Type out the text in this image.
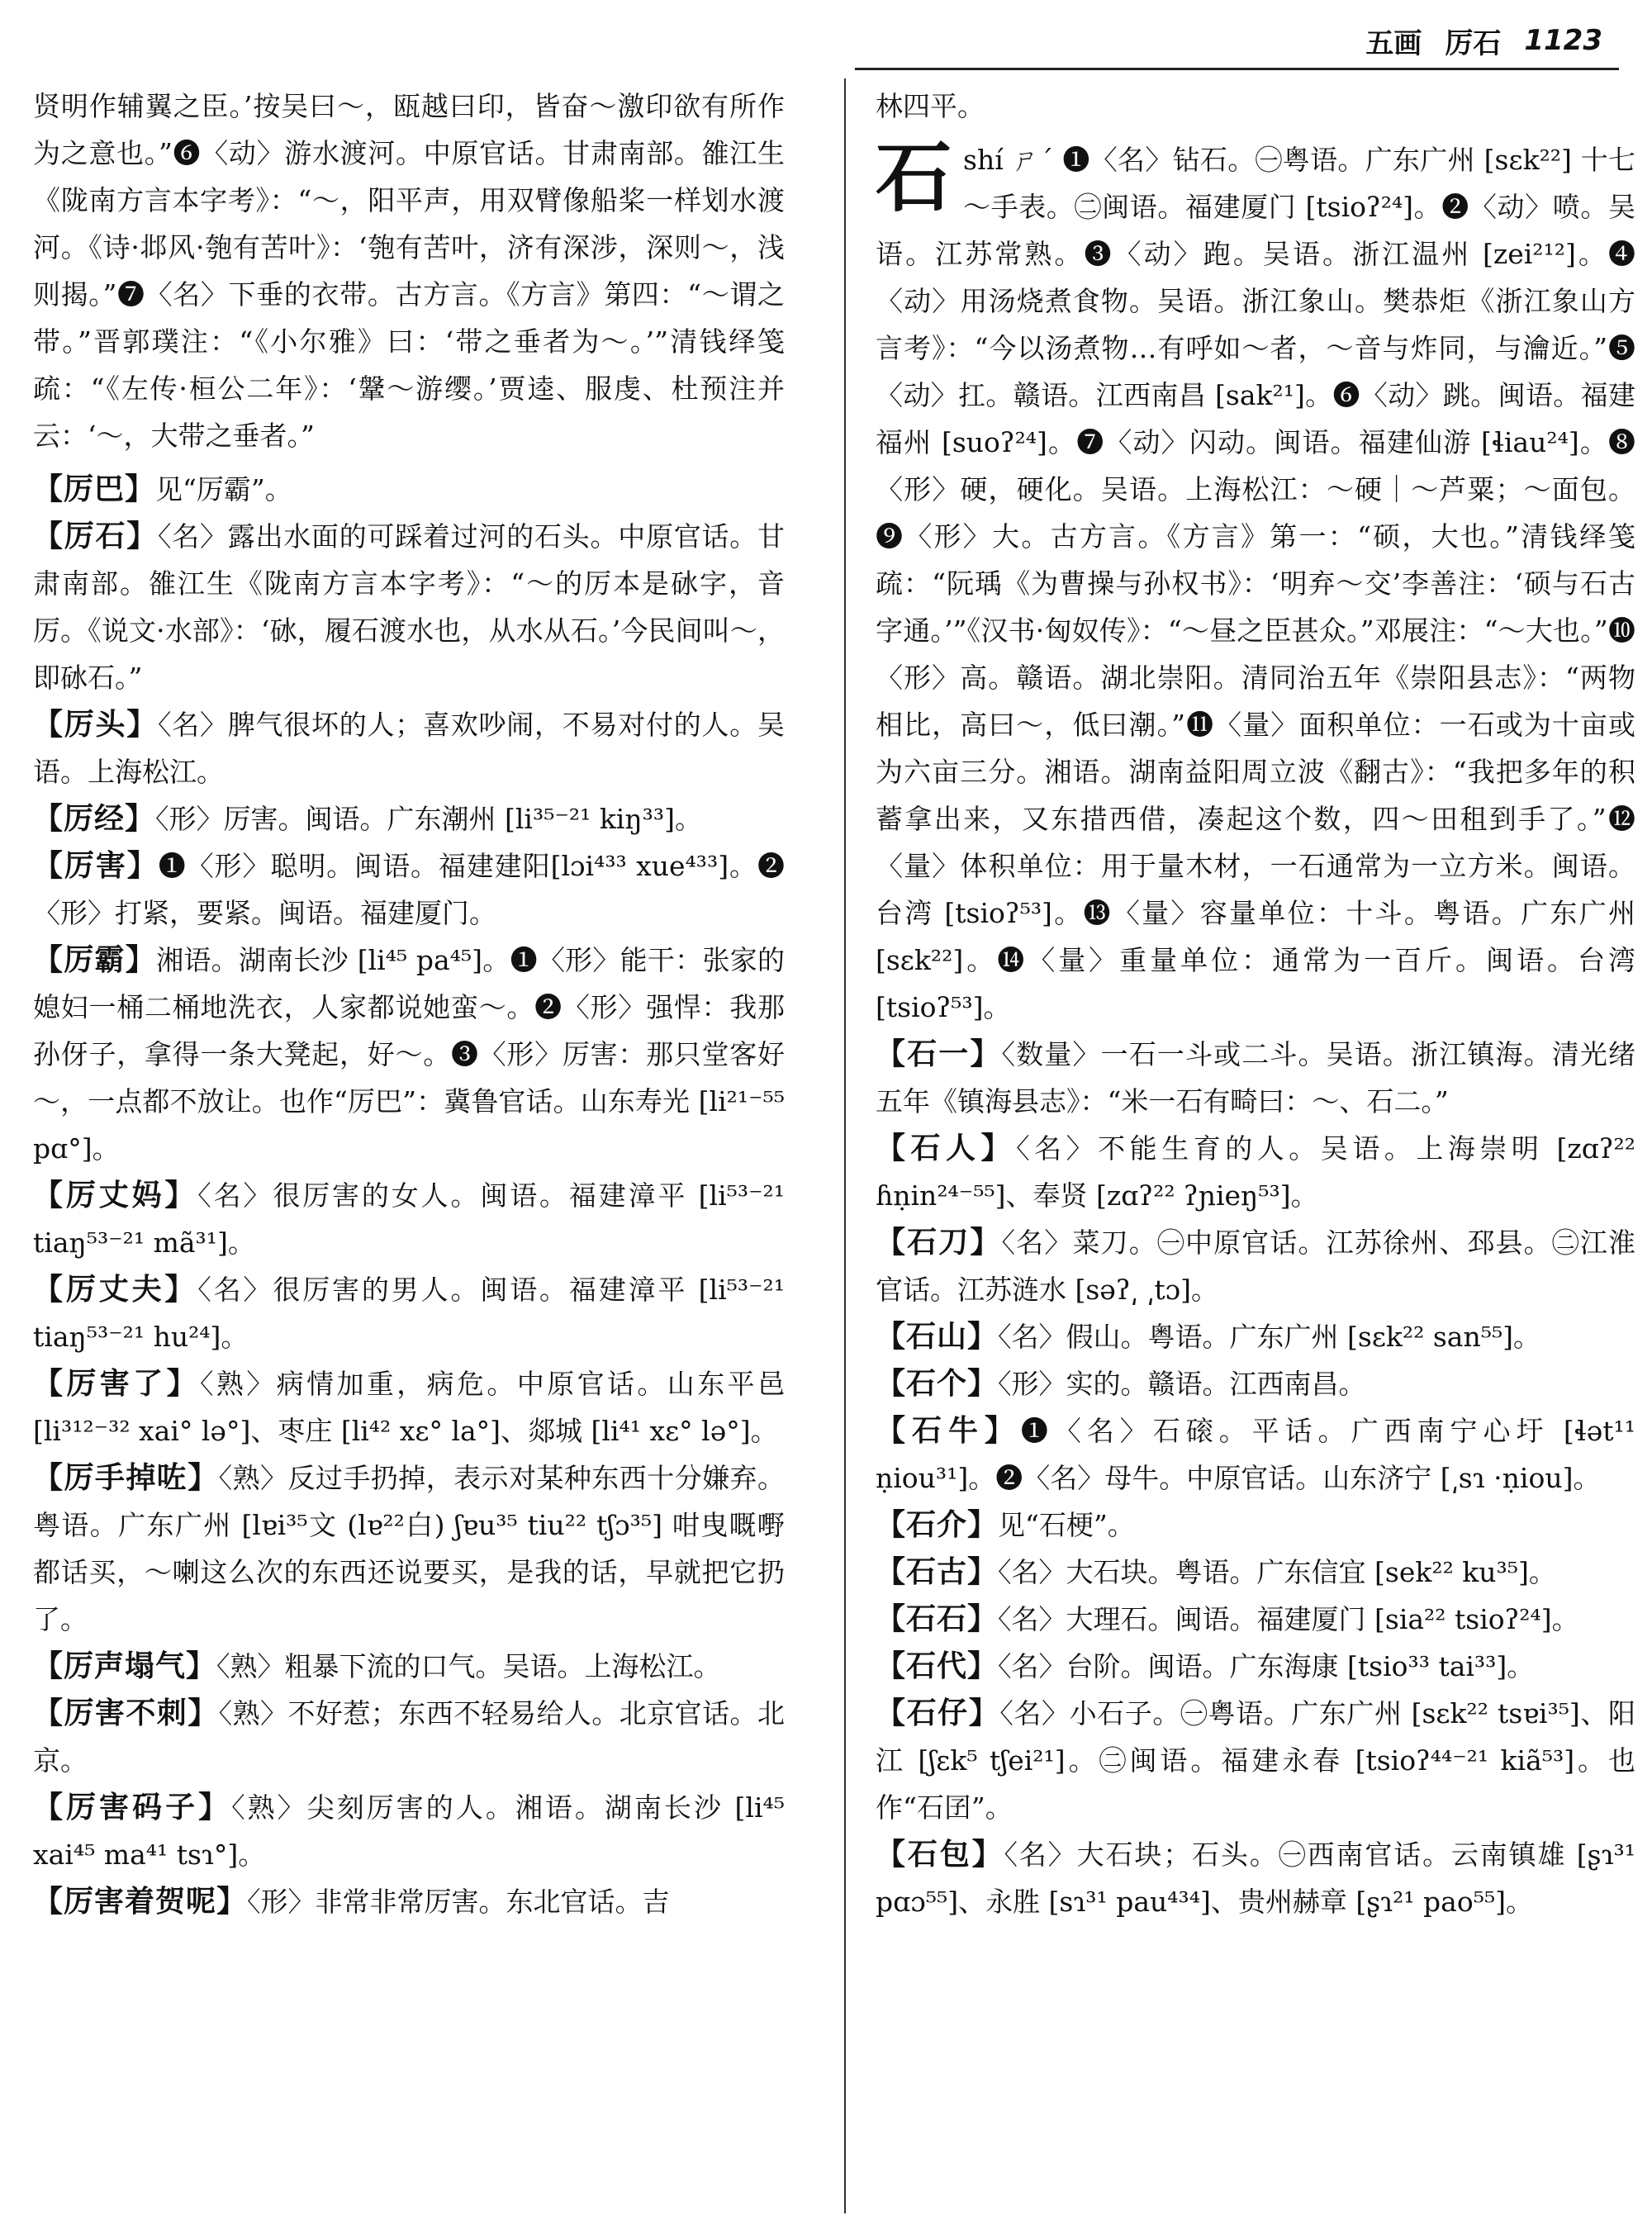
五画 厉石 1123

贤明作辅翼之臣。’按吴曰～，瓯越曰印，皆奋～激印欲有所作为之意也。”❻〈动〉游水渡河。中原官话。甘肃南部。雒江生《陇南方言本字考》：“～，阳平声，用双臂像船桨一样划水渡河。《诗·邶风·匏有苦叶》：‘匏有苦叶，济有深涉，深则～，浅则揭。”❼〈名〉下垂的衣带。古方言。《方言》第四：“～谓之带。”晋郭璞注：“《小尔雅》曰：‘带之垂者为～。’”清钱绎笺疏：“《左传·桓公二年》：‘鞶～游缨。’贾逵、服虔、杜预注并云：‘～，大带之垂者。”

【厉巴】见“厉霸”。

【厉石】〈名〉露出水面的可踩着过河的石头。中原官话。甘肃南部。雒江生《陇南方言本字考》：“～的厉本是砅字，音厉。《说文·水部》：‘砅，履石渡水也，从水从石。’今民间叫～，即砅石。”

【厉头】〈名〉脾气很坏的人；喜欢吵闹，不易对付的人。吴语。上海松江。

【厉经】〈形〉厉害。闽语。广东潮州 [li³⁵⁻²¹ kiŋ³³]。

【厉害】❶〈形〉聪明。闽语。福建建阳[lɔi⁴³³ xue⁴³³]。❷〈形〉打紧，要紧。闽语。福建厦门。

【厉霸】湘语。湖南长沙 [li⁴⁵ pa⁴⁵]。❶〈形〉能干：张家的媳妇一桶二桶地洗衣，人家都说她蛮～。❷〈形〉强悍：我那孙伢子，拿得一条大凳起，好～。❸〈形〉厉害：那只堂客好～，一点都不放让。也作“厉巴”：冀鲁官话。山东寿光 [li²¹⁻⁵⁵ pɑ°]。

【厉丈妈】〈名〉很厉害的女人。闽语。福建漳平 [li⁵³⁻²¹ tiaŋ⁵³⁻²¹ mã³¹]。

【厉丈夫】〈名〉很厉害的男人。闽语。福建漳平 [li⁵³⁻²¹ tiaŋ⁵³⁻²¹ hu²⁴]。

【厉害了】〈熟〉病情加重，病危。中原官话。山东平邑 [li³¹²⁻³² xai° lə°]、枣庄 [li⁴² xɛ° la°]、郯城 [li⁴¹ xɛ° lə°]。

【厉手掉咗】〈熟〉反过手扔掉，表示对某种东西十分嫌弃。粤语。广东广州 [lɐi³⁵文 (lɐ²²白) ʃɐu³⁵ tiu²² tʃɔ³⁵] 咁曳嘅嘢都话买，～喇这么次的东西还说要买，是我的话，早就把它扔了。

【厉声塌气】〈熟〉粗暴下流的口气。吴语。上海松江。

【厉害不刺】〈熟〉不好惹；东西不轻易给人。北京官话。北京。

【厉害码子】〈熟〉尖刻厉害的人。湘语。湖南长沙 [li⁴⁵ xai⁴⁵ ma⁴¹ tsɿ°]。

【厉害着贺呢】〈形〉非常非常厉害。东北官话。吉

林四平。

石 shí ㄕˊ ❶〈名〉钻石。㊀粤语。广东广州 [sɛk²²] 十七～手表。㊁闽语。福建厦门 [tsioʔ²⁴]。❷〈动〉喷。吴语。江苏常熟。❸〈动〉跑。吴语。浙江温州 [zei²¹²]。❹〈动〉用汤烧煮食物。吴语。浙江象山。樊恭炬《浙江象山方言考》：“今以汤煮物…有呼如～者，～音与炸同，与瀹近。”❺〈动〉扛。赣语。江西南昌 [sak²¹]。❻〈动〉跳。闽语。福建福州 [suoʔ²⁴]。❼〈动〉闪动。闽语。福建仙游 [ɬiau²⁴]。❽〈形〉硬，硬化。吴语。上海松江：～硬｜～芦粟；～面包。❾〈形〉大。古方言。《方言》第一：“硕，大也。”清钱绎笺疏：“阮瑀《为曹操与孙权书》：‘明弃～交’李善注：‘硕与石古字通。’”《汉书·匈奴传》：“～昼之臣甚众。”邓展注：“～大也。”❿〈形〉高。赣语。湖北崇阳。清同治五年《崇阳县志》：“两物相比，高曰～，低曰潮。”⓫〈量〉面积单位：一石或为十亩或为六亩三分。湘语。湖南益阳周立波《翻古》：“我把多年的积蓄拿出来，又东措西借，凑起这个数，四～田租到手了。”⓬〈量〉体积单位：用于量木材，一石通常为一立方米。闽语。台湾 [tsioʔ⁵³]。⓭〈量〉容量单位：十斗。粤语。广东广州 [sɛk²²]。⓮〈量〉重量单位：通常为一百斤。闽语。台湾 [tsioʔ⁵³]。

【石一】〈数量〉一石一斗或二斗。吴语。浙江镇海。清光绪五年《镇海县志》：“米一石有畸曰：～、石二。”

【石人】〈名〉不能生育的人。吴语。上海崇明 [zɑʔ²² ɦṇin²⁴⁻⁵⁵]、奉贤 [zɑʔ²² ʔɲieŋ⁵³]。

【石刀】〈名〉菜刀。㊀中原官话。江苏徐州、邳县。㊁江淮官话。江苏涟水 [səʔ͵ ͵tɔ]。

【石山】〈名〉假山。粤语。广东广州 [sɛk²² san⁵⁵]。

【石个】〈形〉实的。赣语。江西南昌。

【石牛】❶〈名〉石磙。平话。广西南宁心圩 [ɬət¹¹ ṇiou³¹]。❷〈名〉母牛。中原官话。山东济宁 [͵sɿ ·ṇiou]。

【石介】见“石梗”。

【石古】〈名〉大石块。粤语。广东信宜 [sek²² ku³⁵]。

【石石】〈名〉大理石。闽语。福建厦门 [sia²² tsioʔ²⁴]。

【石代】〈名〉台阶。闽语。广东海康 [tsio³³ tai³³]。

【石仔】〈名〉小石子。㊀粤语。广东广州 [sɛk²² tsɐi³⁵]、阳江 [ʃɛk⁵ tʃei²¹]。㊁闽语。福建永春 [tsioʔ⁴⁴⁻²¹ kiã⁵³]。也作“石囝”。

【石包】〈名〉大石块；石头。㊀西南官话。云南镇雄 [ʂɿ³¹ pɑɔ⁵⁵]、永胜 [sɿ³¹ pau⁴³⁴]、贵州赫章 [ʂɿ²¹ pao⁵⁵]。
